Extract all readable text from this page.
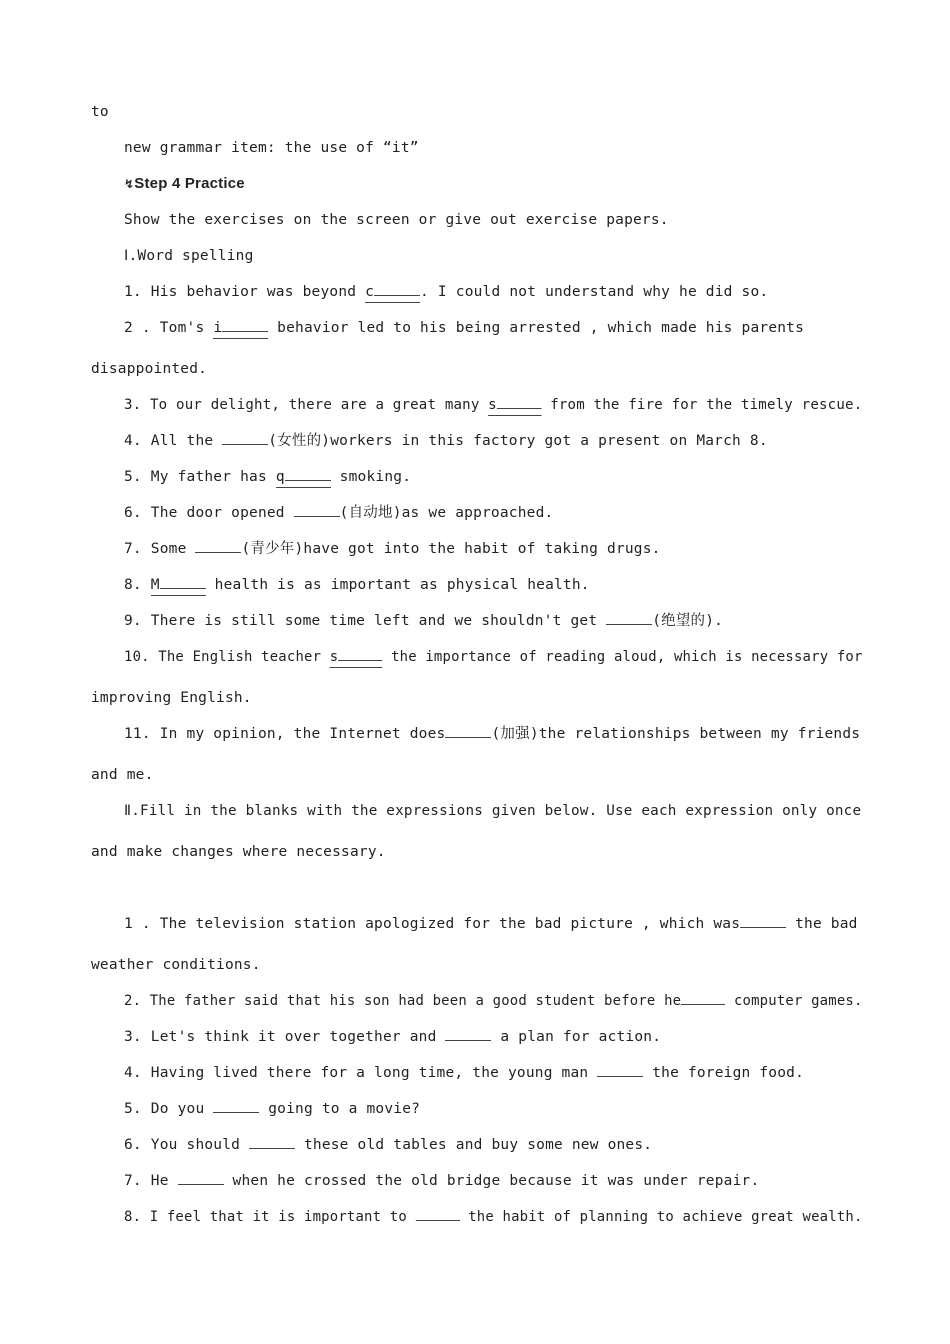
to
new grammar item: the use of “it”
↯Step 4 Practice
Show the exercises on the screen or give out exercise papers.
Ⅰ.Word spelling
1. His behavior was beyond c	. I could not understand why he did so.
2 . Tom's i	behavior led to his being arrested , which made his parents
disappointed.
3. To our delight, there are a great many s	from the fire for the timely rescue.
4. All the	(女性的)workers in this factory got a present on March 8.
5. My father has q	smoking.
6. The door opened	(自动地)as we approached.
7. Some	(青少年)have got into the habit of taking drugs.
8. M	health is as important as physical health.
9. There is still some time left and we shouldn't get	(绝望的).
10. The English teacher s	the importance of reading aloud, which is necessary for
improving English.
11. In my opinion, the Internet does	(加强)the relationships between my friends
and me.
Ⅱ.Fill in the blanks with the expressions given below. Use each expression only once
and make changes where necessary.
1 . The television station apologized for the bad picture , which was	the bad
weather conditions.
2. The father said that his son had been a good student before he	computer games.
3. Let's think it over together and	a plan for action.
4. Having lived there for a long time, the young man	the foreign food.
5. Do you	going to a movie?
6. You should	these old tables and buy some new ones.
7. He	when he crossed the old bridge because it was under repair.
8. I feel that it is important to	the habit of planning to achieve great wealth.
